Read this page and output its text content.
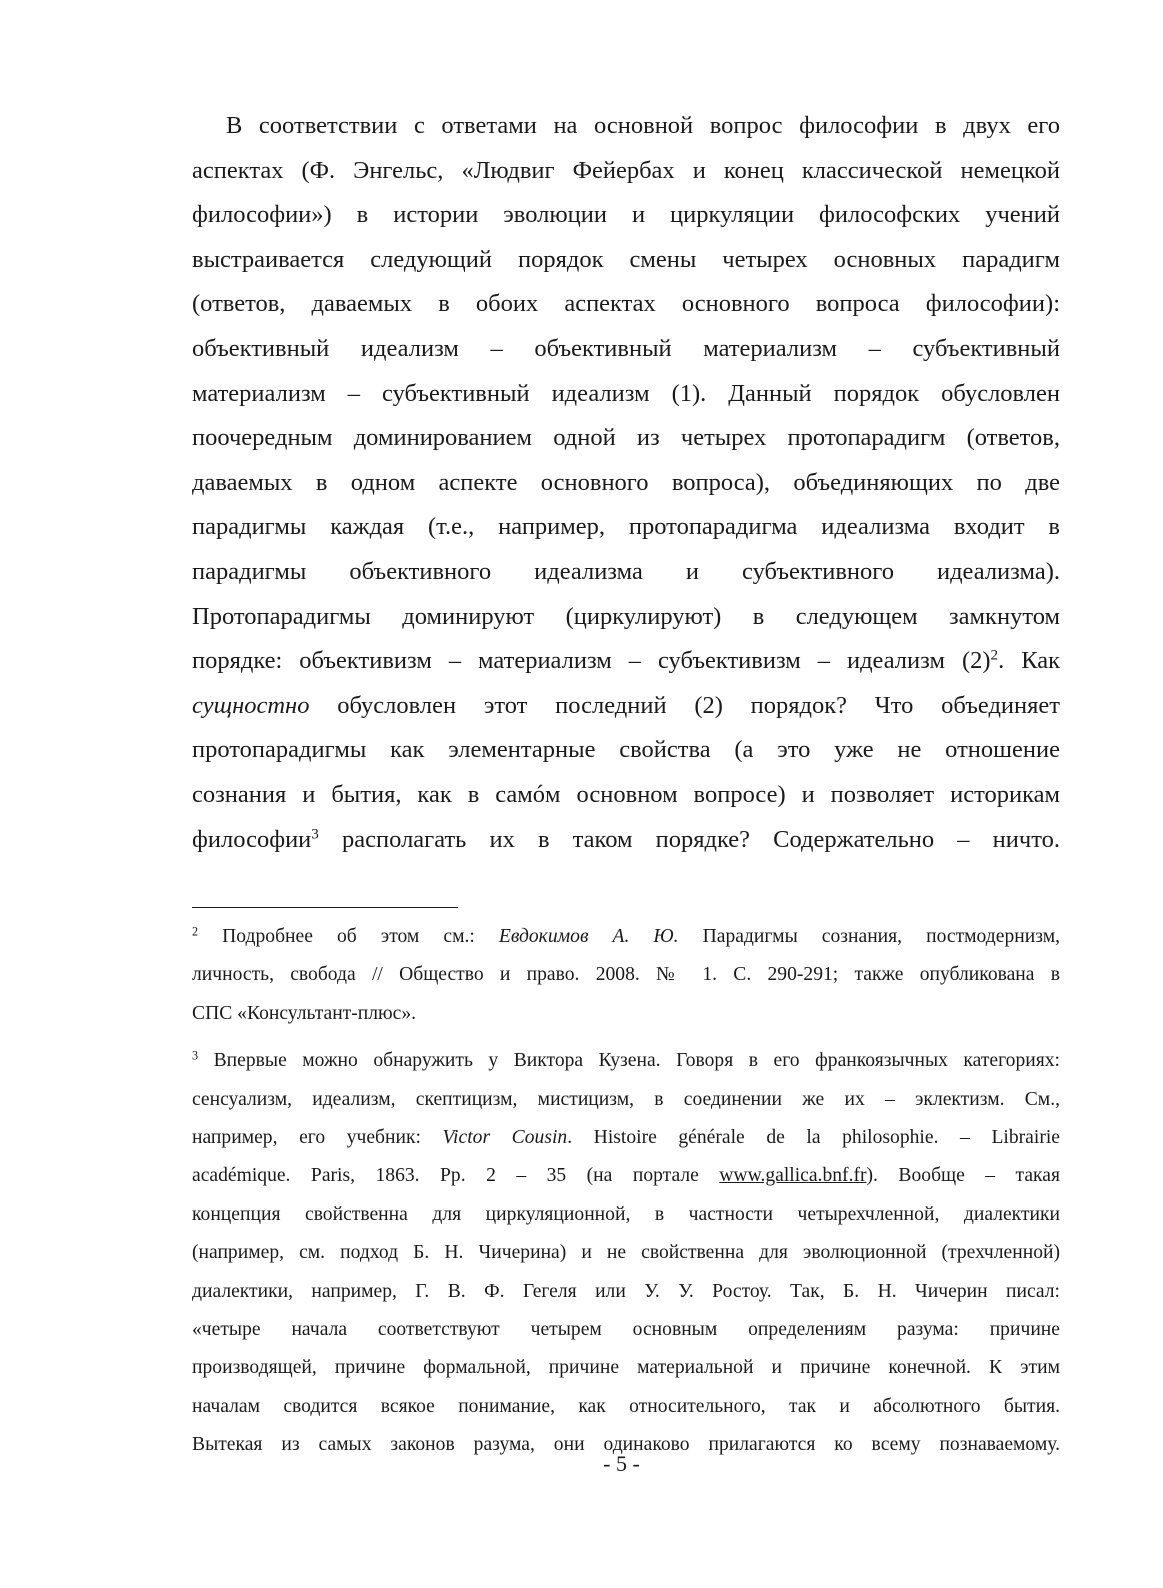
В соответствии с ответами на основной вопрос философии в двух его
аспектах (Ф. Энгельс, «Людвиг Фейербах и конец классической немецкой
философии») в истории эволюции и циркуляции философских учений
выстраивается следующий порядок смены четырех основных парадигм
(ответов, даваемых в обоих аспектах основного вопроса философии):
объективный идеализм – объективный материализм – субъективный
материализм – субъективный идеализм (1). Данный порядок обусловлен
поочередным доминированием одной из четырех протопарадигм (ответов,
даваемых в одном аспекте основного вопроса), объединяющих по две
парадигмы каждая (т.е., например, протопарадигма идеализма входит в
парадигмы объективного идеализма и субъективного идеализма).
Протопарадигмы доминируют (циркулируют) в следующем замкнутом
порядке: объективизм – материализм – субъективизм – идеализм $(2)^2$. Как
сущностно обусловлен этот последний (2) порядок? Что объединяет
протопарадигмы как элементарные свойства (а это уже не отношение
сознания и бытия, как в самóм основном вопросе) и позволяет историкам
философии$^3$ располагать их в таком порядке? Содержательно – ничто.
$^2$ Подробнее об этом см.: Евдокимов А. Ю. Парадигмы сознания, постмодернизм,
личность, свобода // Общество и право. 2008. № 1. С. 290-291; также опубликована в
СПС «Консультант-плюс».
$^3$ Впервые можно обнаружить у Виктора Кузена. Говоря в его франкоязычных категориях:
сенсуализм, идеализм, скептицизм, мистицизм, в соединении же их – эклектизм. См.,
например, его учебник: Victor Cousin. Histoire générale de la philosophie. – Librairie
académique. Paris, 1863. Pp. 2 – 35 (на портале www.gallica.bnf.fr). Вообще – такая
концепция свойственна для циркуляционной, в частности четырехчленной, диалектики
(например, см. подход Б. Н. Чичерина) и не свойственна для эволюционной (трехчленной)
диалектики, например, Г. В. Ф. Гегеля или У. У. Ростоу. Так, Б. Н. Чичерин писал:
«четыре начала соответствуют четырем основным определениям разума: причине
производящей, причине формальной, причине материальной и причине конечной. К этим
началам сводится всякое понимание, как относительного, так и абсолютного бытия.
Вытекая из самых законов разума, они одинаково прилагаются ко всему познаваемому.
- 5 -
